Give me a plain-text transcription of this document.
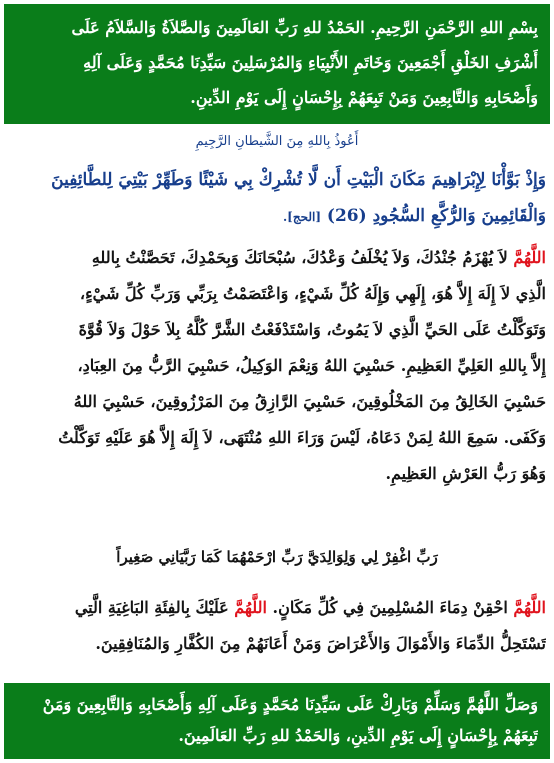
بِسْمِ اللهِ الرَّحْمَنِ الرَّحِيمِ. الحَمْدُ للهِ رَبِّ العَالَمِينَ وَالصَّلاَةُ وَالسَّلاَمُ عَلَى
أَشْرَفِ الخَلْقِ أَجْمَعِينَ وَخَاتَمِ الأَنْبِيَاءِ وَالمُرْسَلِينَ سَيِّدِنَا مُحَمَّدٍ وَعَلَى آلِهِ
وَأَصْحَابِهِ وَالتَّابِعِينَ وَمَنْ تَبِعَهُمْ بِإِحْسَانٍ إِلَى يَوْمِ الدِّينِ.
أَعُوذُ بِاللهِ مِنَ الشَّيطانِ الرَّجِيمِ
وَإِذْ بَوَّأْنَا لِإِبْرَاهِيمَ مَكَانَ الْبَيْتِ أَن لَّا تُشْرِكْ بِي شَيْئًا وَطَهِّرْ بَيْتِيَ لِلطَّائِفِينَ
وَالْقَائِمِينَ وَالرُّكَّعِ السُّجُودِ (26) [الحج].
اللَّهُمَّ لاَ يُهْزَمُ جُنْدُكَ، وَلاَ يُخْلَفُ وَعْدُكَ، سُبْحَانَكَ وَبِحَمْدِكَ، تَحَصَّنْتُ بِاللهِ
الَّذِي لاَ إِلَهَ إِلاَّ هُوَ، إِلَهِي وَإِلَهُ كُلِّ شَيْءٍ، وَاعْتَصَمْتُ بِرَبِّي وَرَبِّ كُلِّ شَيْءٍ،
وَتَوَكَّلْتُ عَلَى الحَيِّ الَّذِي لاَ يَمُوتُ، وَاسْتَدْفَعْتُ الشَّرَّ كُلَّهُ بِلاَ حَوْلَ وَلاَ قُوَّةَ
إِلاَّ بِاللهِ العَلِيِّ العَظِيمِ. حَسْبِيَ اللهُ وَنِعْمَ الوَكِيلُ، حَسْبِيَ الرَّبُّ مِنَ العِبَادِ،
حَسْبِيَ الخَالِقُ مِنَ المَخْلُوقِينَ، حَسْبِيَ الرَّازِقُ مِنَ المَرْزُوقِينَ، حَسْبِيَ اللهُ
وَكَفَى. سَمِعَ اللهُ لِمَنْ دَعَاهُ، لَيْسَ وَرَاءَ اللهِ مُنْتَهَى، لاَ إِلَهَ إِلاَّ هُوَ عَلَيْهِ تَوَكَّلْتُ
وَهُوَ رَبُّ العَرْشِ العَظِيمِ.
رَبِّ اغْفِرْ لِي وَلِوَالِدَيَّ رَبِّ ارْحَمْهُمَا كَمَا رَبَّيَانِي صَغِيراً
اللَّهُمَّ احْقِنْ دِمَاءَ المُسْلِمِينَ فِي كُلِّ مَكَانٍ. اللَّهُمَّ عَلَيْكَ بِالفِئَةِ البَاغِيَةِ الَّتِي
تَسْتَحِلُّ الدِّمَاءَ وَالأَمْوَالَ وَالأَعْرَاضَ وَمَنْ أَعَانَهُمْ مِنَ الكُفَّارِ وَالمُنَافِقِينَ.
وَصَلِّ اللَّهُمَّ وَسَلِّمْ وَبَارِكْ عَلَى سَيِّدِنَا مُحَمَّدٍ وَعَلَى آلِهِ وَأَصْحَابِهِ وَالتَّابِعِينَ وَمَنْ
تَبِعَهُمْ بِإِحْسَانٍ إِلَى يَوْمِ الدِّينِ، وَالحَمْدُ للهِ رَبِّ العَالَمِينَ.
